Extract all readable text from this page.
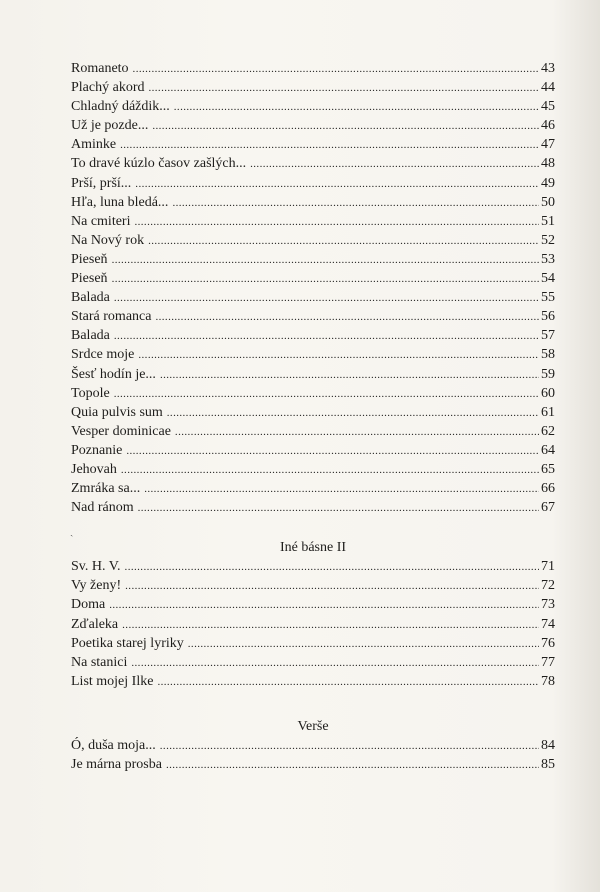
Romaneto .....	43
Plachý akord .....	44
Chladný dáždik... .....	45
Už je pozde... .....	46
Aminke .....	47
To dravé kúzlo časov zašlých... .....	48
Prší, prší... .....	49
Hľa, luna bledá... .....	50
Na cmiteri .....	51
Na Nový rok .....	52
Pieseň .....	53
Pieseň .....	54
Balada .....	55
Stará romanca .....	56
Balada .....	57
Srdce moje .....	58
Šesť hodín je... .....	59
Topole .....	60
Quia pulvis sum .....	61
Vesper dominicae .....	62
Poznanie .....	64
Jehovah .....	65
Zmráka sa... .....	66
Nad ránom .....	67
Iné básne II
Sv. H. V. .....	71
Vy ženy! .....	72
Doma .....	73
Zďaleka .....	74
Poetika starej lyriky .....	76
Na stanici .....	77
List mojej Ilke .....	78
Verše
Ó, duša moja... .....	84
Je márna prosba .....	85
ˎ
